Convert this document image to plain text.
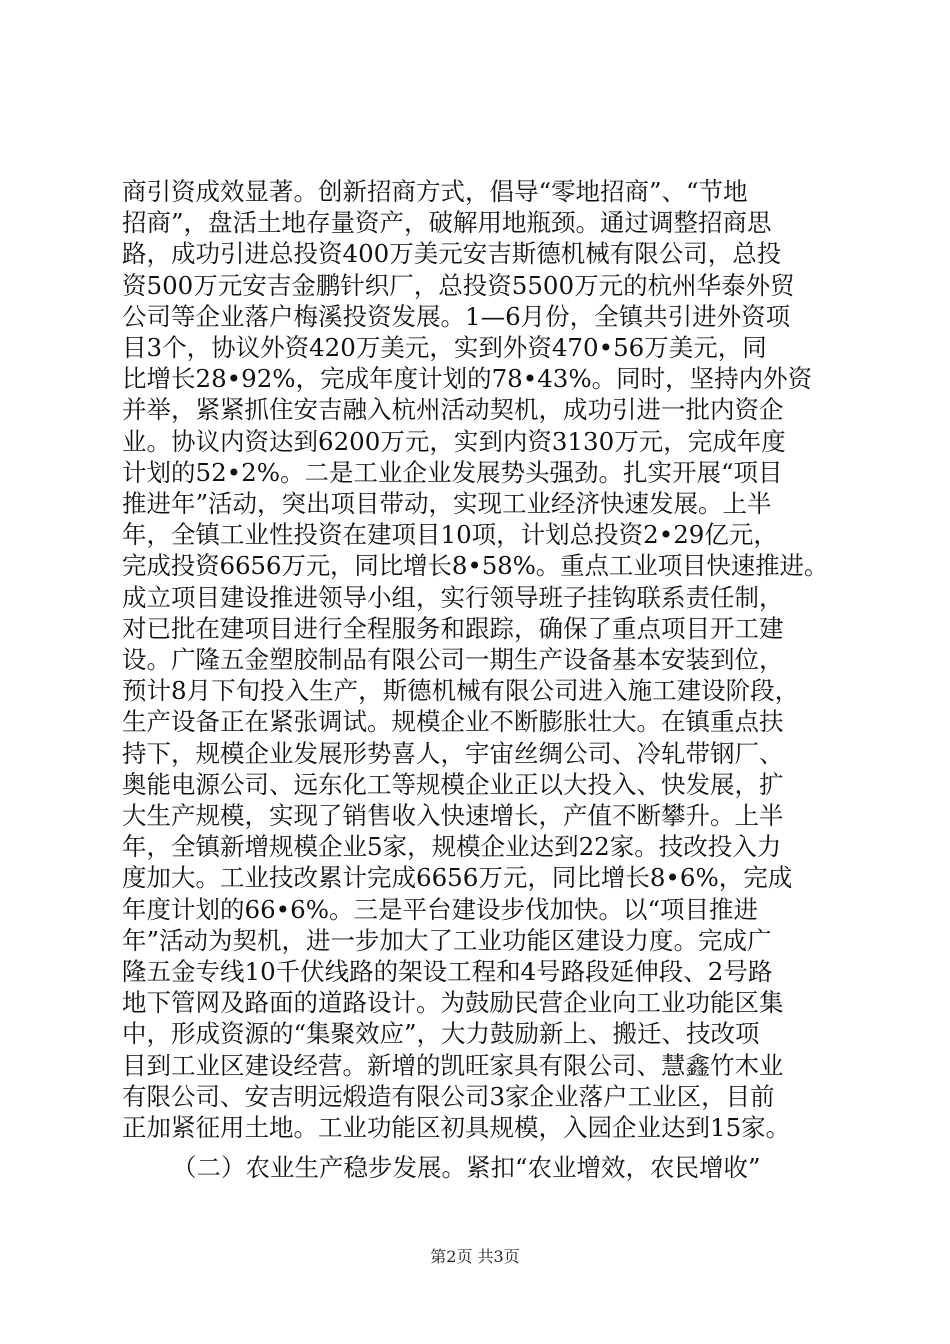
商引资成效显著。创新招商方式，倡导“零地招商”、“节地
招商”，盘活土地存量资产，破解用地瓶颈。通过调整招商思
路，成功引进总投资400万美元安吉斯德机械有限公司，总投
资500万元安吉金鹏针织厂，总投资5500万元的杭州华泰外贸
公司等企业落户梅溪投资发展。1—6月份，全镇共引进外资项
目3个，协议外资420万美元，实到外资470•56万美元，同
比增长28•92%，完成年度计划的78•43%。同时，坚持内外资
并举，紧紧抓住安吉融入杭州活动契机，成功引进一批内资企
业。协议内资达到6200万元，实到内资3130万元，完成年度
计划的52•2%。二是工业企业发展势头强劲。扎实开展“项目
推进年”活动，突出项目带动，实现工业经济快速发展。上半
年，全镇工业性投资在建项目10项，计划总投资2•29亿元，
完成投资6656万元，同比增长8•58%。重点工业项目快速推进。
成立项目建设推进领导小组，实行领导班子挂钩联系责任制，
对已批在建项目进行全程服务和跟踪，确保了重点项目开工建
设。广隆五金塑胶制品有限公司一期生产设备基本安装到位，
预计8月下旬投入生产，斯德机械有限公司进入施工建设阶段，
生产设备正在紧张调试。规模企业不断膨胀壮大。在镇重点扶
持下，规模企业发展形势喜人，宇宙丝绸公司、冷轧带钢厂、
奥能电源公司、远东化工等规模企业正以大投入、快发展，扩
大生产规模，实现了销售收入快速增长，产值不断攀升。上半
年，全镇新增规模企业5家，规模企业达到22家。技改投入力
度加大。工业技改累计完成6656万元，同比增长8•6%，完成
年度计划的66•6%。三是平台建设步伐加快。以“项目推进
年”活动为契机，进一步加大了工业功能区建设力度。完成广
隆五金专线10千伏线路的架设工程和4号路段延伸段、2号路
地下管网及路面的道路设计。为鼓励民营企业向工业功能区集
中，形成资源的“集聚效应”，大力鼓励新上、搬迁、技改项
目到工业区建设经营。新增的凯旺家具有限公司、慧鑫竹木业
有限公司、安吉明远煅造有限公司3家企业落户工业区，目前
正加紧征用土地。工业功能区初具规模，入园企业达到15家。
（二）农业生产稳步发展。紧扣“农业增效，农民增收”
第2页 共3页
